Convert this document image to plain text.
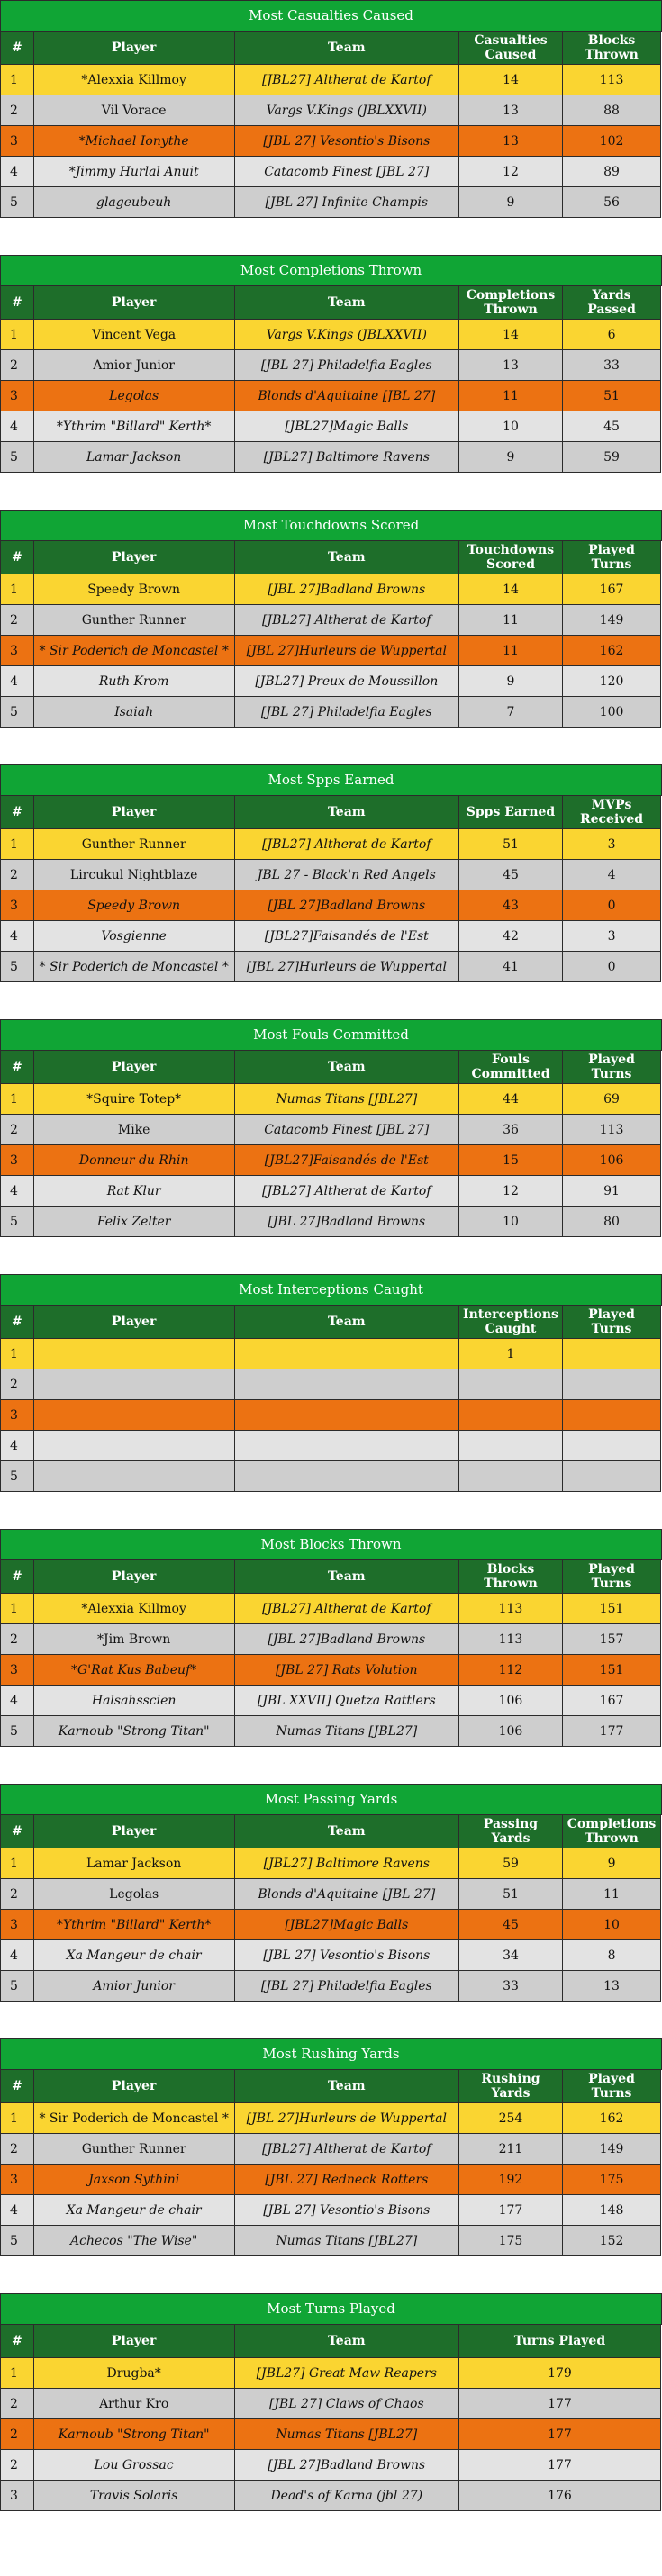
Most Casualties Caused
#	Player	Team	Casualties Caused	Blocks Thrown
1	*Alexxia Killmoy	[JBL27] Altherat de Kartof	14	113
2	Vil Vorace	Vargs V.Kings (JBLXXVII)	13	88
3	*Michael Ionythe	[JBL 27] Vesontio's Bisons	13	102
4	*Jimmy Hurlal Anuit	Catacomb Finest [JBL 27]	12	89
5	glageubeuh	[JBL 27] Infinite Champis	9	56
Most Completions Thrown
#	Player	Team	Completions Thrown	Yards Passed
1	Vincent Vega	Vargs V.Kings (JBLXXVII)	14	6
2	Amior Junior	[JBL 27] Philadelfia Eagles	13	33
3	Legolas	Blonds d'Aquitaine [JBL 27]	11	51
4	*Ythrim "Billard" Kerth*	[JBL27]Magic Balls	10	45
5	Lamar Jackson	[JBL27] Baltimore Ravens	9	59
Most Touchdowns Scored
#	Player	Team	Touchdowns Scored	Played Turns
1	Speedy Brown	[JBL 27]Badland Browns	14	167
2	Gunther Runner	[JBL27] Altherat de Kartof	11	149
3	* Sir Poderich de Moncastel *	[JBL 27]Hurleurs de Wuppertal	11	162
4	Ruth Krom	[JBL27] Preux de Moussillon	9	120
5	Isaiah	[JBL 27] Philadelfia Eagles	7	100
Most Spps Earned
#	Player	Team	Spps Earned	MVPs Received
1	Gunther Runner	[JBL27] Altherat de Kartof	51	3
2	Lircukul Nightblaze	JBL 27 - Black'n Red Angels	45	4
3	Speedy Brown	[JBL 27]Badland Browns	43	0
4	Vosgienne	[JBL27]Faisandés de l'Est	42	3
5	* Sir Poderich de Moncastel *	[JBL 27]Hurleurs de Wuppertal	41	0
Most Fouls Committed
#	Player	Team	Fouls Committed	Played Turns
1	*Squire Totep*	Numas Titans [JBL27]	44	69
2	Mike	Catacomb Finest [JBL 27]	36	113
3	Donneur du Rhin	[JBL27]Faisandés de l'Est	15	106
4	Rat Klur	[JBL27] Altherat de Kartof	12	91
5	Felix Zelter	[JBL 27]Badland Browns	10	80
Most Interceptions Caught
#	Player	Team	Interceptions Caught	Played Turns
1			1	
2				
3				
4				
5				
Most Blocks Thrown
#	Player	Team	Blocks Thrown	Played Turns
1	*Alexxia Killmoy	[JBL27] Altherat de Kartof	113	151
2	*Jim Brown	[JBL 27]Badland Browns	113	157
3	*G'Rat Kus Babeuf*	[JBL 27] Rats Volution	112	151
4	Halsahsscien	[JBL XXVII] Quetza Rattlers	106	167
5	Karnoub "Strong Titan"	Numas Titans [JBL27]	106	177
Most Passing Yards
#	Player	Team	Passing Yards	Completions Thrown
1	Lamar Jackson	[JBL27] Baltimore Ravens	59	9
2	Legolas	Blonds d'Aquitaine [JBL 27]	51	11
3	*Ythrim "Billard" Kerth*	[JBL27]Magic Balls	45	10
4	Xa Mangeur de chair	[JBL 27] Vesontio's Bisons	34	8
5	Amior Junior	[JBL 27] Philadelfia Eagles	33	13
Most Rushing Yards
#	Player	Team	Rushing Yards	Played Turns
1	* Sir Poderich de Moncastel *	[JBL 27]Hurleurs de Wuppertal	254	162
2	Gunther Runner	[JBL27] Altherat de Kartof	211	149
3	Jaxson Sythini	[JBL 27] Redneck Rotters	192	175
4	Xa Mangeur de chair	[JBL 27] Vesontio's Bisons	177	148
5	Achecos "The Wise"	Numas Titans [JBL27]	175	152
Most Turns Played
#	Player	Team	Turns Played
1	Drugba*	[JBL27] Great Maw Reapers	179
2	Arthur Kro	[JBL 27] Claws of Chaos	177
2	Karnoub "Strong Titan"	Numas Titans [JBL27]	177
2	Lou Grossac	[JBL 27]Badland Browns	177
3	Travis Solaris	Dead's of Karna (jbl 27)	176
